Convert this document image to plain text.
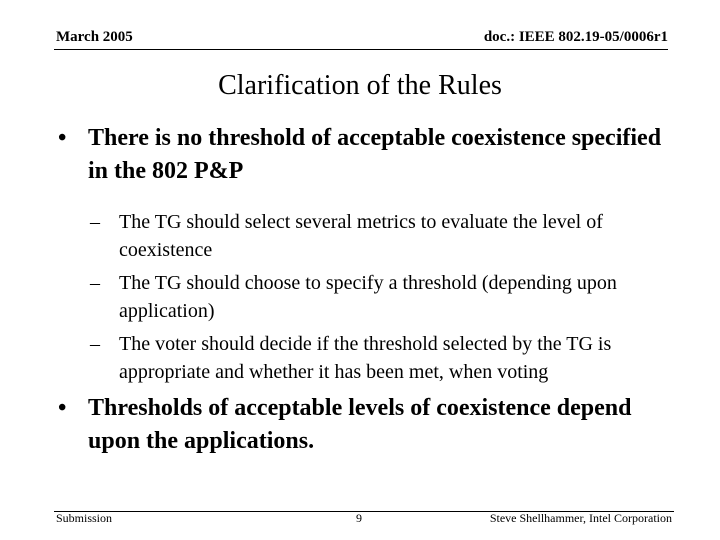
March 2005	doc.: IEEE 802.19-05/0006r1
Clarification of the Rules
• There is no threshold of acceptable coexistence specified in the 802 P&P
– The TG should select several metrics to evaluate the level of coexistence
– The TG should choose to specify a threshold (depending upon application)
– The voter should decide if the threshold selected by the TG is appropriate and whether it has been met, when voting
• Thresholds of acceptable levels of coexistence depend upon the applications.
Submission	9	Steve Shellhammer, Intel Corporation
